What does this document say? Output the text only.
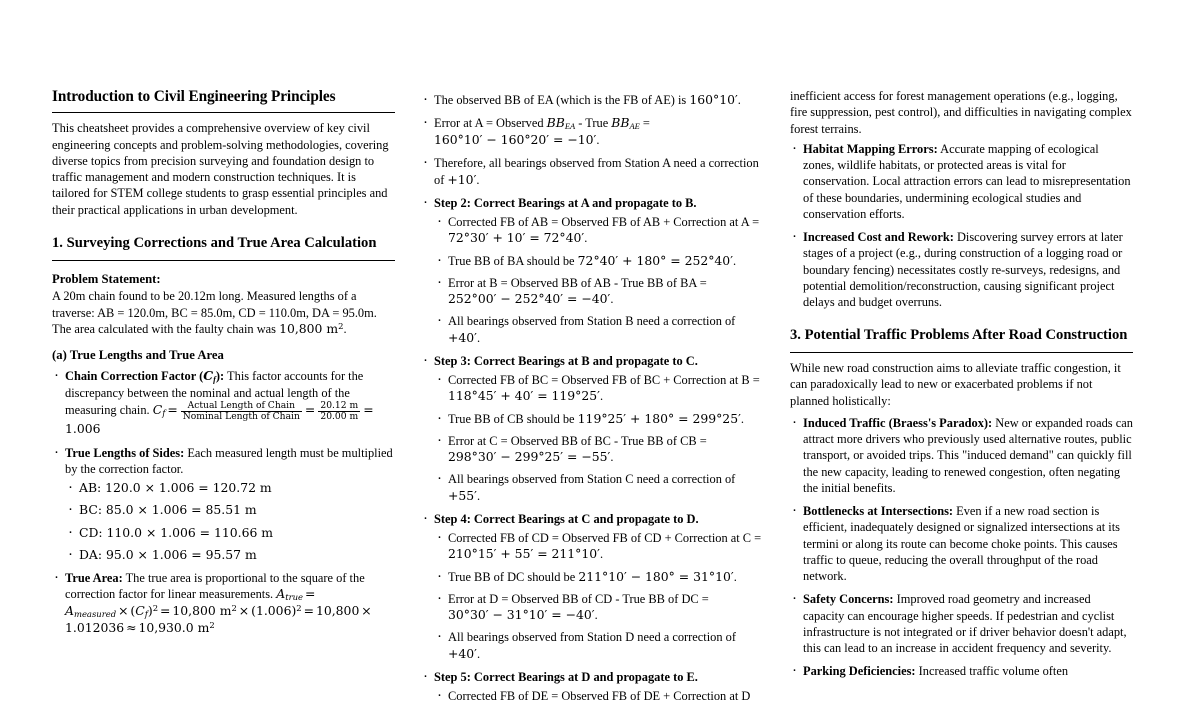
Introduction to Civil Engineering Principles

This cheatsheet provides a comprehensive overview of key civil engineering concepts and problem-solving methodologies, covering diverse topics from precision surveying and foundation design to traffic management and modern construction techniques. It is tailored for STEM college students to grasp essential principles and their practical applications in urban development.

1. Surveying Corrections and True Area Calculation
Problem Statement:

A 20m chain found to be 20.12m long. Measured lengths of a traverse: AB = 120.0m, BC = 85.0m, CD = 110.0m, DA = 95.0m. The area calculated with the faulty chain was 10,800 $m^2$.

(a) True Lengths and True Area
· Chain Correction Factor $(C_f)$: This factor accounts for the discrepancy between the nominal and actual length of the measuring chain. $C_f = \frac{\text{Actual Length of Chain}}{\text{Nominal Length of Chain}} = \frac{20.12 m}{20.00 m} = 1.006$
· True Lengths of Sides: Each measured length must be multiplied by the correction factor.
· AB: 120.0 × 1.006 = 120.72 m
· BC: 85.0 × 1.006 = 85.51 m
· CD: 110.0 × 1.006 = 110.66 m
· DA: 95.0 × 1.006 = 95.57 m
· True Area: The true area is proportional to the square of the correction factor for linear measurements. $A_{true} = A_{measured} \times (C_f)^2 = 10,800$ $m^2 \times (1.006)^2 = 10,800 \times 1.012036 \approx 10,930.0$ $m^2$
· The observed BB of EA (which is the FB of AE) is 160°10′.
· Error at A = Observed $BB_{EA}$ - True $BB_{AE} = 160^\circ 10' - 160^\circ 20' = -10'$.
· Therefore, all bearings observed from Station A need a correction of +10′.
· Step 2: Correct Bearings at A and propagate to B.
· Corrected FB of AB = Observed FB of AB + Correction at A = 72°30′ + 10′ = 72°40′.
· True BB of BA should be 72°40′ + 180° = 252°40′.
· Error at B = Observed BB of AB - True BB of BA = 252°00′ − 252°40′ = −40′.
· All bearings observed from Station B need a correction of +40′.
· Step 3: Correct Bearings at B and propagate to C.
· Corrected FB of BC = Observed FB of BC + Correction at B = 118°45′ + 40′ = 119°25′.
· True BB of CB should be 119°25′ + 180° = 299°25′.
· Error at C = Observed BB of BC - True BB of CB = 298°30′ − 299°25′ = −55′.
· All bearings observed from Station C need a correction of +55′.
· Step 4: Correct Bearings at C and propagate to D.
· Corrected FB of CD = Observed FB of CD + Correction at C = 210°15′ + 55′ = 211°10′.
· True BB of DC should be 211°10′ − 180° = 31°10′.
· Error at D = Observed BB of CD - True BB of DC = 30°30′ − 31°10′ = −40′.
· All bearings observed from Station D need a correction of +40′.
· Step 5: Correct Bearings at D and propagate to E.
· Corrected FB of DE = Observed FB of DE + Correction at D

inefficient access for forest management operations (e.g., logging, fire suppression, pest control), and difficulties in navigating complex forest terrains.

· Habitat Mapping Errors: Accurate mapping of ecological zones, wildlife habitats, or protected areas is vital for conservation. Local attraction errors can lead to misrepresentation of these boundaries, undermining ecological studies and conservation efforts.
· Increased Cost and Rework: Discovering survey errors at later stages of a project (e.g., during construction of a logging road or boundary fencing) necessitates costly re-surveys, redesigns, and potential demolition/reconstruction, causing significant project delays and budget overruns.
3. Potential Traffic Problems After Road Construction

While new road construction aims to alleviate traffic congestion, it can paradoxically lead to new or exacerbated problems if not planned holistically:

· Induced Traffic (Braess's Paradox): New or expanded roads can attract more drivers who previously used alternative routes, public transport, or avoided trips. This "induced demand" can quickly fill the new capacity, leading to renewed congestion, often negating the initial benefits.
· Bottlenecks at Intersections: Even if a new road section is efficient, inadequately designed or signalized intersections at its termini or along its route can become choke points. This causes traffic to queue, reducing the overall throughput of the road network.
· Safety Concerns: Improved road geometry and increased capacity can encourage higher speeds. If pedestrian and cyclist infrastructure is not integrated or if driver behavior doesn't adapt, this can lead to an increase in accident frequency and severity.
· Parking Deficiencies: Increased traffic volume often
